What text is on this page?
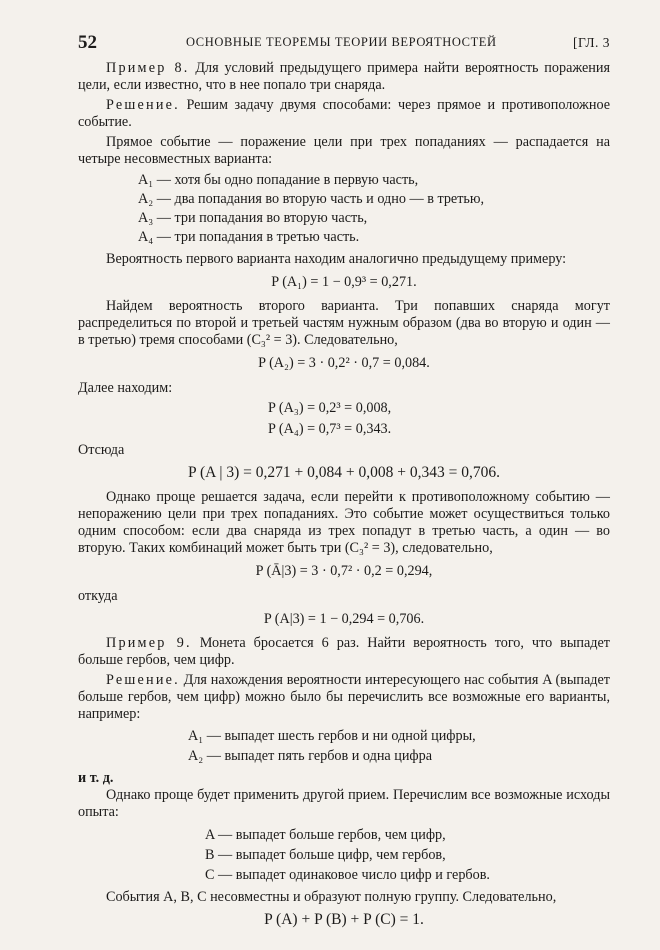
52	ОСНОВНЫЕ ТЕОРЕМЫ ТЕОРИИ ВЕРОЯТНОСТЕЙ	[ГЛ. 3

Пример 8. Для условий предыдущего примера найти вероятность поражения цели, если известно, что в нее попало три снаряда.

Решение. Решим задачу двумя способами: через прямое и противоположное событие.

Прямое событие — поражение цели при трех попаданиях — распадается на четыре несовместных варианта:

A₁ — хотя бы одно попадание в первую часть,
A₂ — два попадания во вторую часть и одно — в третью,
A₃ — три попадания во вторую часть,
A₄ — три попадания в третью часть.

Вероятность первого варианта находим аналогично предыдущему примеру:

P (A₁) = 1 − 0,9³ = 0,271.

Найдем вероятность второго варианта. Три попавших снаряда могут распределиться по второй и третьей частям нужным образом (два во вторую и один — в третью) тремя способами (C₃² = 3). Следовательно,

P (A₂) = 3 · 0,2² · 0,7 = 0,084.
Далее находим:
P (A₃) = 0,2³ = 0,008,
P (A₄) = 0,7³ = 0,343.
Отсюда
P (A | 3) = 0,271 + 0,084 + 0,008 + 0,343 = 0,706.

Однако проще решается задача, если перейти к противоположному событию — непоражению цели при трех попаданиях. Это событие может осуществиться только одним способом: если два снаряда из трех попадут в третью часть, а один — во вторую. Таких комбинаций может быть три (C₃² = 3), следовательно,

P (Ā|3) = 3 · 0,7² · 0,2 = 0,294,
откуда
P (A|3) = 1 − 0,294 = 0,706.

Пример 9. Монета бросается 6 раз. Найти вероятность того, что выпадет больше гербов, чем цифр.

Решение. Для нахождения вероятности интересующего нас события A (выпадет больше гербов, чем цифр) можно было бы перечислить все возможные его варианты, например:

A₁ — выпадет шесть гербов и ни одной цифры,
A₂ — выпадет пять гербов и одна цифра
и т. д.

Однако проще будет применить другой прием. Перечислим все возможные исходы опыта:

A — выпадет больше гербов, чем цифр,
B — выпадет больше цифр, чем гербов,
C — выпадет одинаковое число цифр и гербов.

События A, B, C несовместны и образуют полную группу. Следовательно,

P (A) + P (B) + P (C) = 1.
